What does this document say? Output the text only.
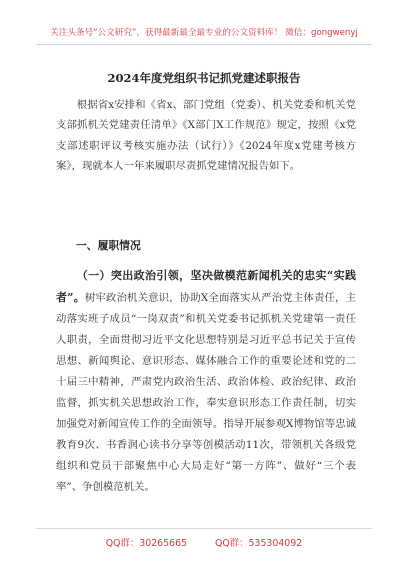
关注头条号“公文研究”，获得最新最全最专业的公文资料库！ 微信：gongwenyj
2024年度党组织书记抓党建述职报告

根据省x安排和《省x、部门党组（党委）、机关党委和机关党支部抓机关党建责任清单》《X部门X工作规范》规定，按照《x党支部述职评议考核实施办法（试行）》《2024年度x党建考核方案》，现就本人一年来履职尽责抓党建情况报告如下。

一、履职情况

（一）突出政治引领，坚决做模范新闻机关的忠实“实践者”。树牢政治机关意识，协助X全面落实从严治党主体责任，主动落实班子成员“一岗双责”和机关党委书记抓机关党建第一责任人职责，全面贯彻习近平文化思想特别是习近平总书记关于宣传思想、新闻舆论、意识形态、媒体融合工作的重要论述和党的二十届三中精神，严肃党内政治生活、政治体检、政治纪律、政治监督，抓实机关思想政治工作，奉实意识形态工作责任制，切实加强党对新闻宣传工作的全面领导。指导开展参观X博物馆等忠诚教育9次、书香润心读书分享等创模活动11次，带领机关各级党组织和党员干部聚焦中心大局走好“第一方阵”、做好“三个表率”、争创模范机关。

QQ群：30265665	QQ群：535304092
